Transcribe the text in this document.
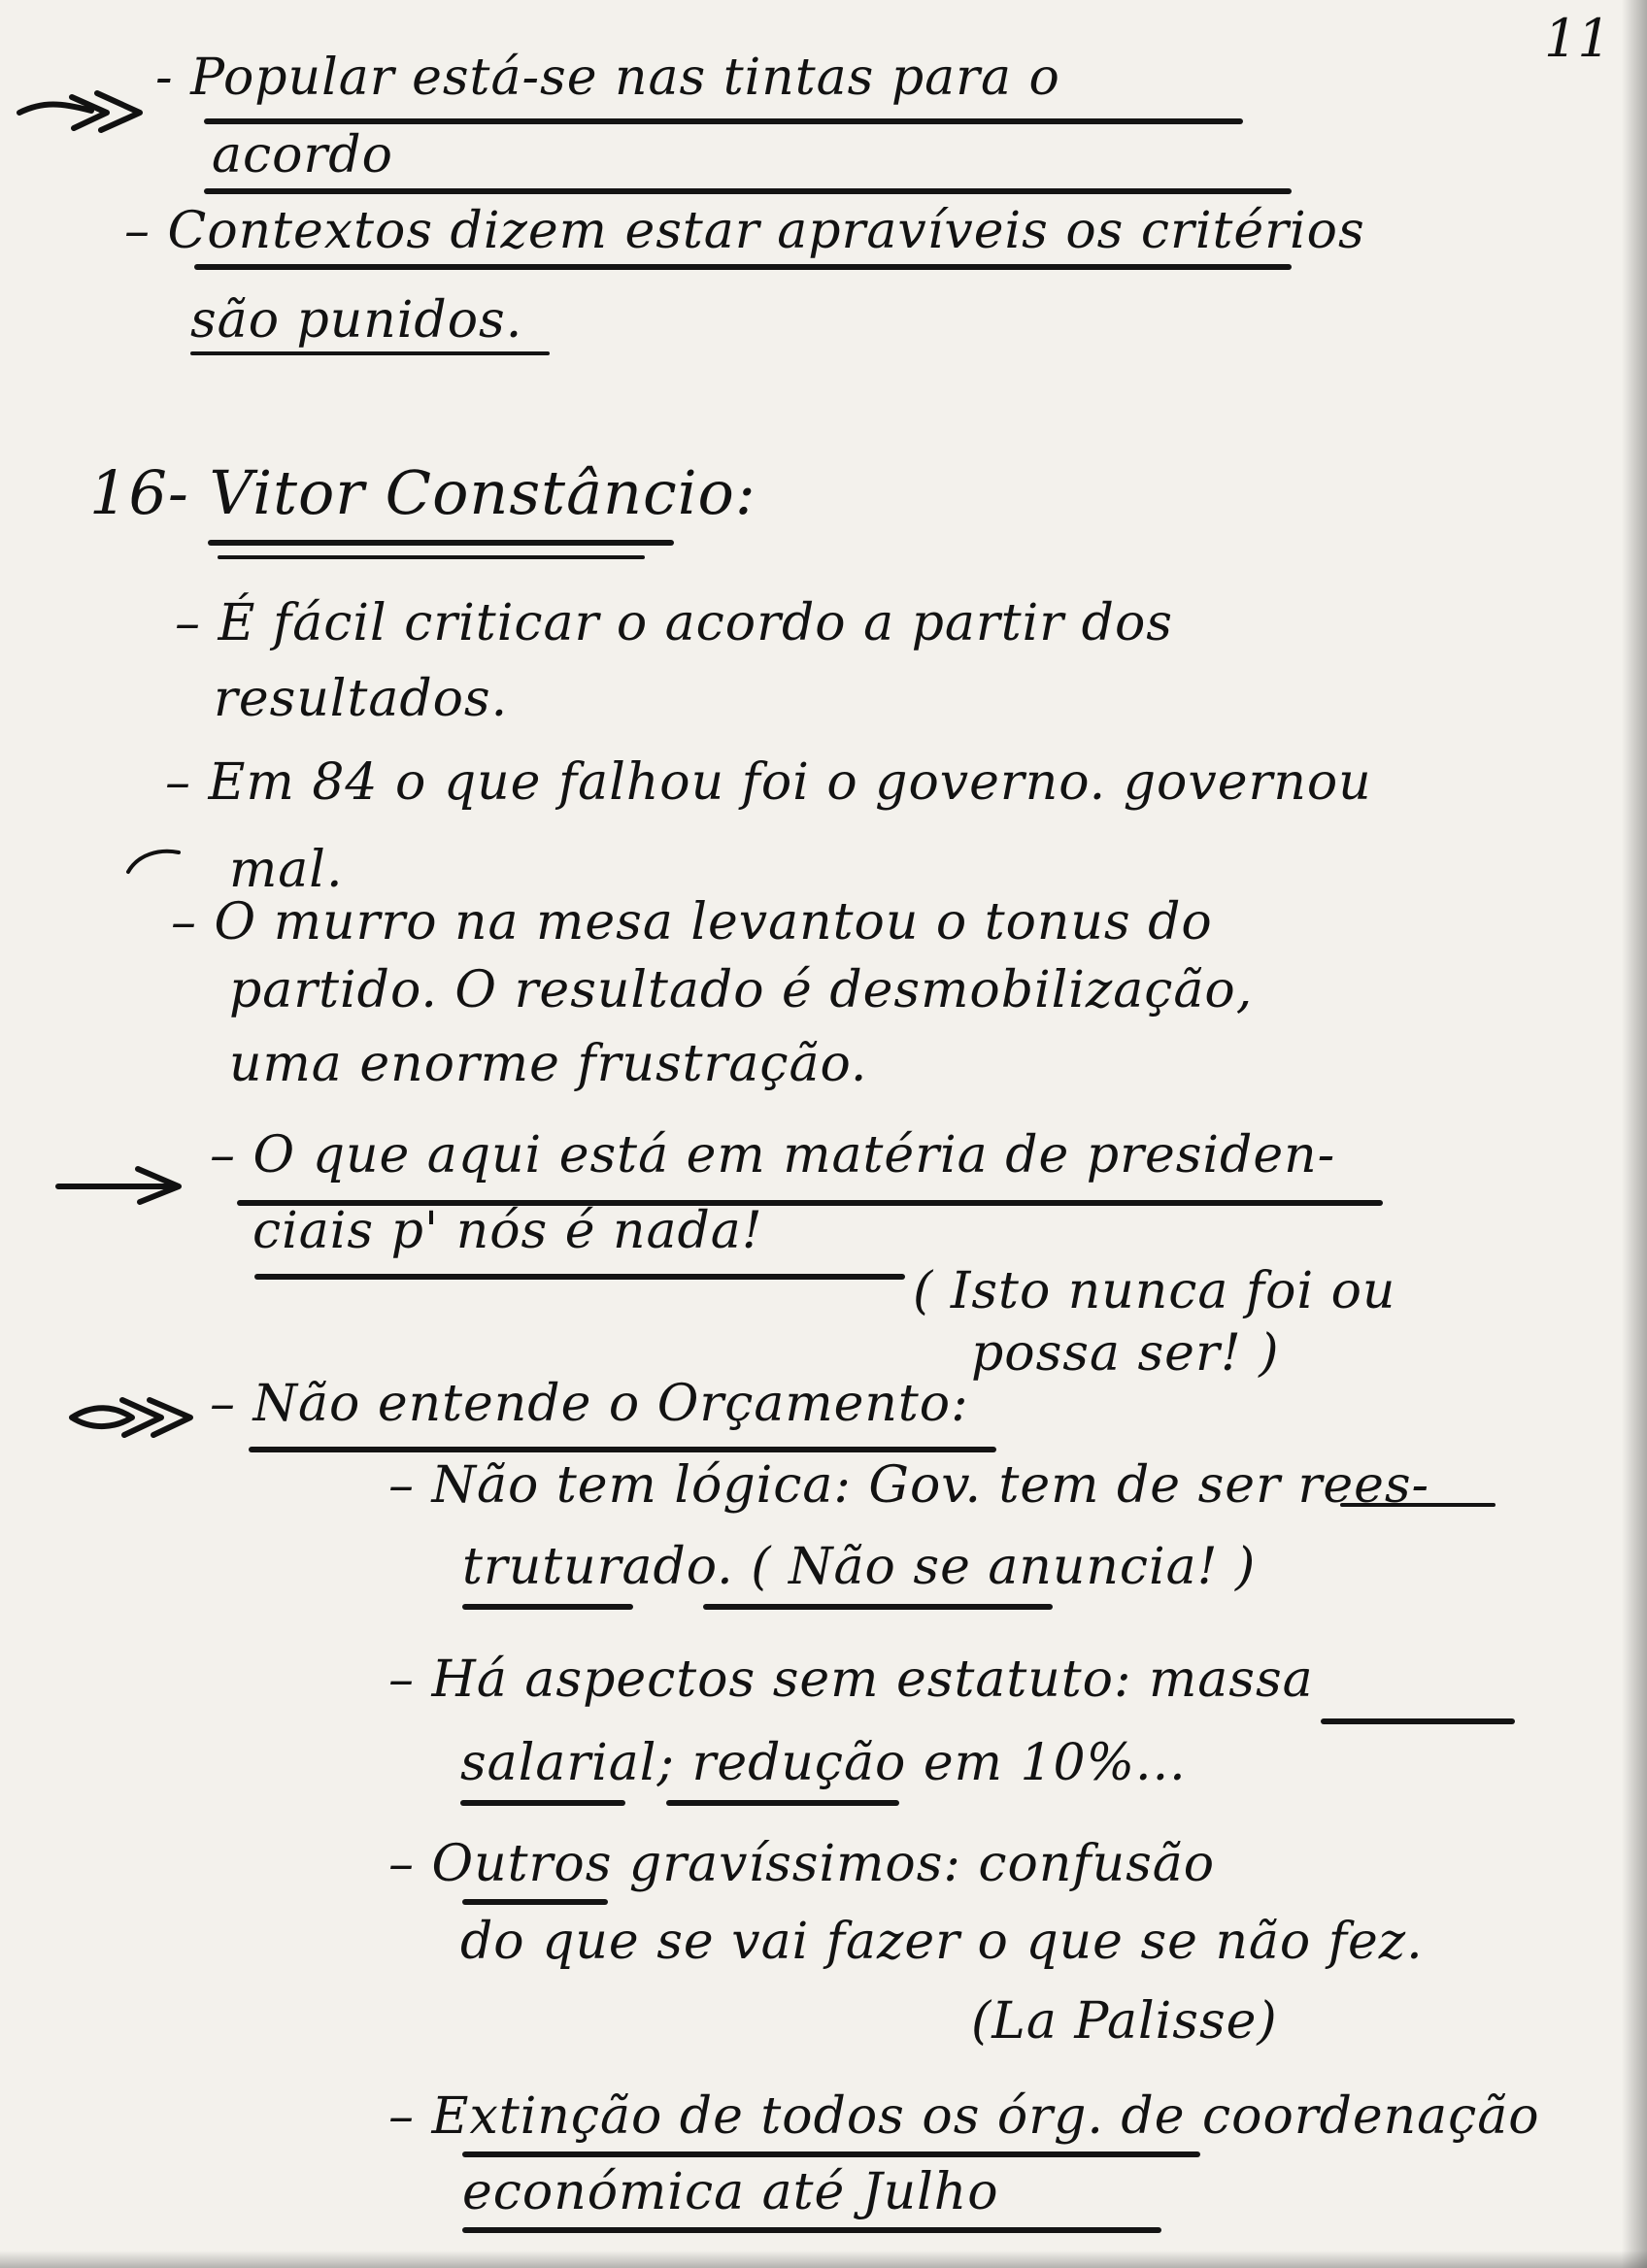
11
- Popular está-se nas tintas para o
acordo
– Contextos dizem estar apravíveis os critérios
são punidos.
16- Vitor Constâncio:
– É fácil criticar o acordo a partir dos
resultados.
– Em 84 o que falhou foi o governo. governou
mal.
– O murro na mesa levantou o tonus do
partido. O resultado é desmobilização,
uma enorme frustração.
– O que aqui está em matéria de presiden-
ciais p' nós é nada!
( Isto nunca foi ou
possa ser! )
– Não entende o Orçamento:
– Não tem lógica: Gov. tem de ser rees-
truturado. ( Não se anuncia! )
– Há aspectos sem estatuto: massa
salarial; redução em 10%...
– Outros gravíssimos: confusão
do que se vai fazer o que se não fez.
(La Palisse)
– Extinção de todos os órg. de coordenação
económica até Julho
